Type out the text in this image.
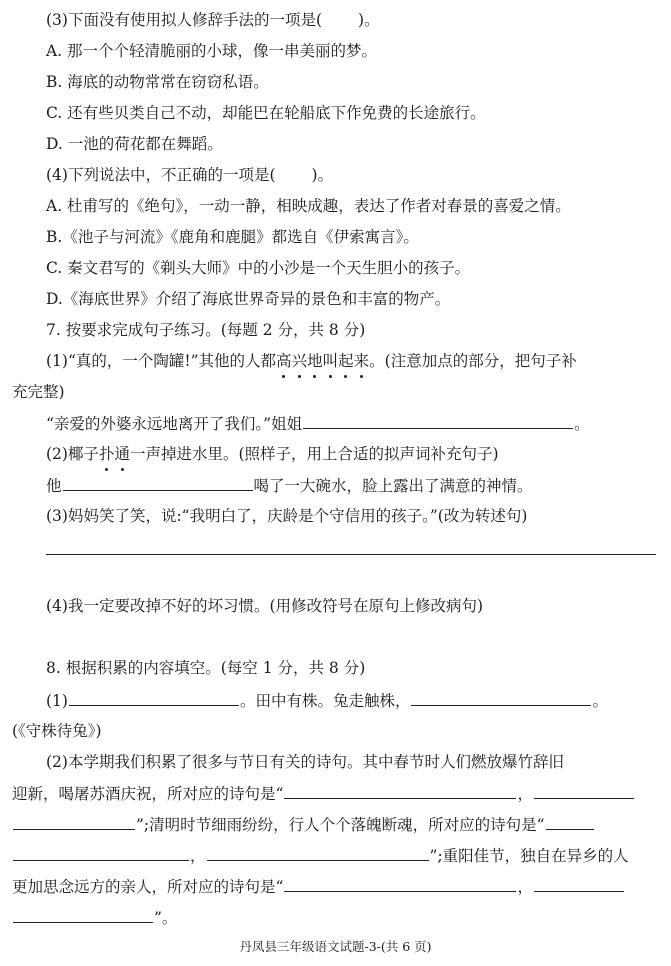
(3)下面没有使用拟人修辞手法的一项是( )。
A. 那一个个轻清脆丽的小球，像一串美丽的梦。
B. 海底的动物常常在窃窃私语。
C. 还有些贝类自己不动，却能巴在轮船底下作免费的长途旅行。
D. 一池的荷花都在舞蹈。
(4)下列说法中，不正确的一项是( )。
A. 杜甫写的《绝句》，一动一静，相映成趣，表达了作者对春景的喜爱之情。
B.《池子与河流》《鹿角和鹿腿》都选自《伊索寓言》。
C. 秦文君写的《剃头大师》中的小沙是一个天生胆小的孩子。
D.《海底世界》介绍了海底世界奇异的景色和丰富的物产。
7. 按要求完成句子练习。(每题 2 分，共 8 分)
(1)“真的，一个陶罐!”其他的人都高兴地叫起来。(注意加点的部分，把句子补
充完整)
“亲爱的外婆永远地离开了我们。”姐姐	。
(2)椰子扑通一声掉进水里。(照样子，用上合适的拟声词补充句子)
他	喝了一大碗水，脸上露出了满意的神情。
(3)妈妈笑了笑，说:“我明白了，庆龄是个守信用的孩子。”(改为转述句)
(4)我一定要改掉不好的坏习惯。(用修改符号在原句上修改病句)
8. 根据积累的内容填空。(每空 1 分，共 8 分)
(1)	。田中有株。兔走触株，	。
(《守株待兔》)
(2)本学期我们积累了很多与节日有关的诗句。其中春节时人们燃放爆竹辞旧
迎新，喝屠苏酒庆祝，所对应的诗句是“	，
”;清明时节细雨纷纷，行人个个落魄断魂，所对应的诗句是“
，	”;重阳佳节，独自在异乡的人
更加思念远方的亲人，所对应的诗句是“	，
”。
丹凤县三年级语文试题-3-(共 6 页)
